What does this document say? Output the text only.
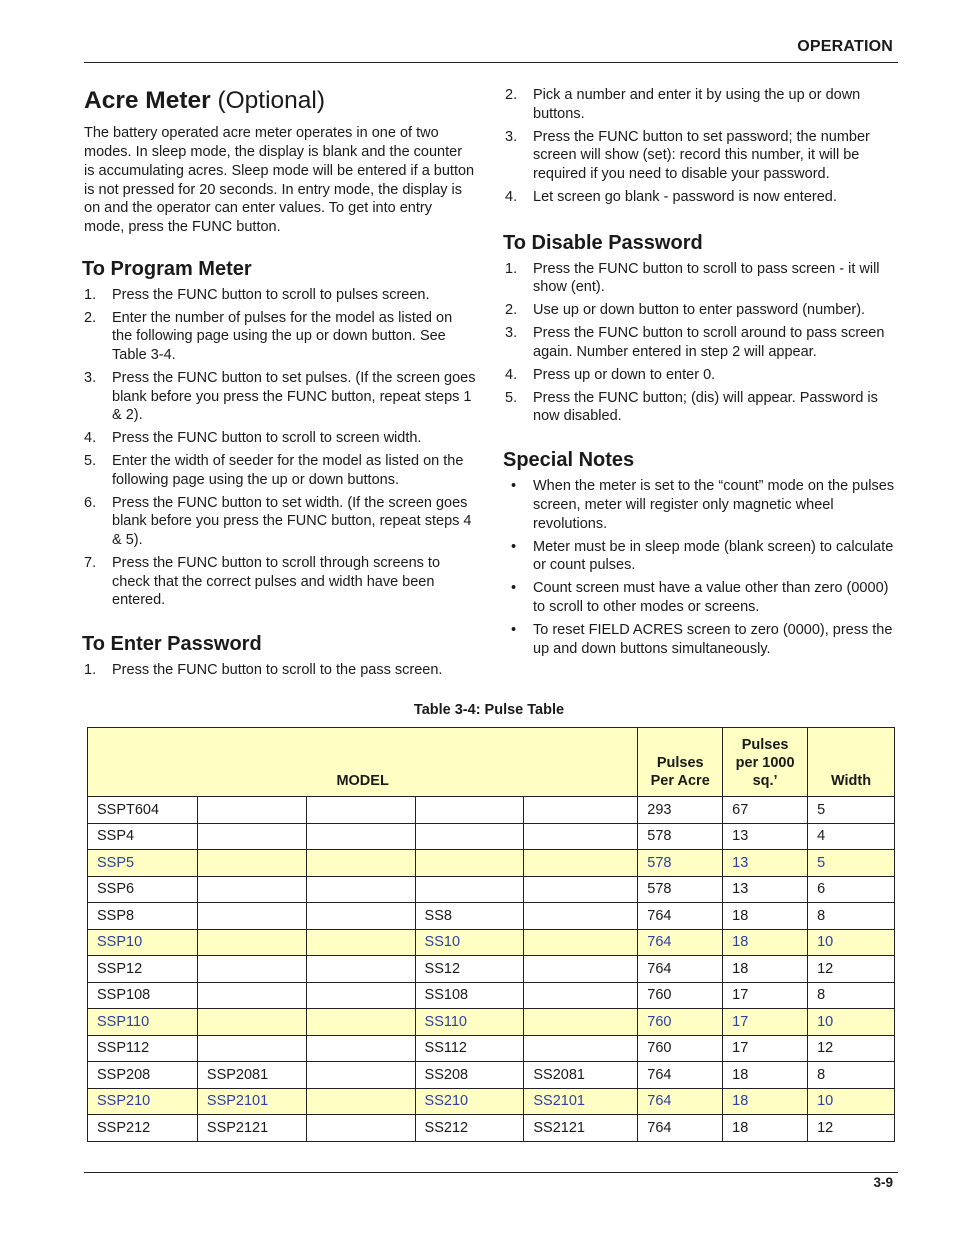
OPERATION
Acre Meter (Optional)

The battery operated acre meter operates in one of two modes. In sleep mode, the display is blank and the counter is accumulating acres. Sleep mode will be entered if a button is not pressed for 20 seconds. In entry mode, the display is on and the operator can enter values. To get into entry mode, press the FUNC button.

To Program Meter
1. Press the FUNC button to scroll to pulses screen.
2. Enter the number of pulses for the model as listed on the following page using the up or down button. See Table 3-4.
3. Press the FUNC button to set pulses. (If the screen goes blank before you press the FUNC button, repeat steps 1 & 2).
4. Press the FUNC button to scroll to screen width.
5. Enter the width of seeder for the model as listed on the following page using the up or down buttons.
6. Press the FUNC button to set width. (If the screen goes blank before you press the FUNC button, repeat steps 4 & 5).
7. Press the FUNC button to scroll through screens to check that the correct pulses and width have been entered.
To Enter Password
1. Press the FUNC button to scroll to the pass screen.
2. Pick a number and enter it by using the up or down buttons.
3. Press the FUNC button to set password; the number screen will show (set): record this number, it will be required if you need to disable your password.
4. Let screen go blank - password is now entered.
To Disable Password
1. Press the FUNC button to scroll to pass screen - it will show (ent).
2. Use up or down button to enter password (number).
3. Press the FUNC button to scroll around to pass screen again. Number entered in step 2 will appear.
4. Press up or down to enter 0.
5. Press the FUNC button; (dis) will appear. Password is now disabled.
Special Notes
• When the meter is set to the “count” mode on the pulses screen, meter will register only magnetic wheel revolutions.
• Meter must be in sleep mode (blank screen) to calculate or count pulses.
• Count screen must have a value other than zero (0000) to scroll to other modes or screens.
• To reset FIELD ACRES screen to zero (0000), press the up and down buttons simultaneously.
Table 3-4: Pulse Table
MODEL					Pulses
Per Acre	Pulses
per 1000
sq.’	Width
SSPT604					293	67	5
SSP4					578	13	4
SSP5					578	13	5
SSP6					578	13	6
SSP8			SS8		764	18	8
SSP10			SS10		764	18	10
SSP12			SS12		764	18	12
SSP108			SS108		760	17	8
SSP110			SS110		760	17	10
SSP112			SS112		760	17	12
SSP208	SSP2081		SS208	SS2081	764	18	8
SSP210	SSP2101		SS210	SS2101	764	18	10
SSP212	SSP2121		SS212	SS2121	764	18	12
3-9
